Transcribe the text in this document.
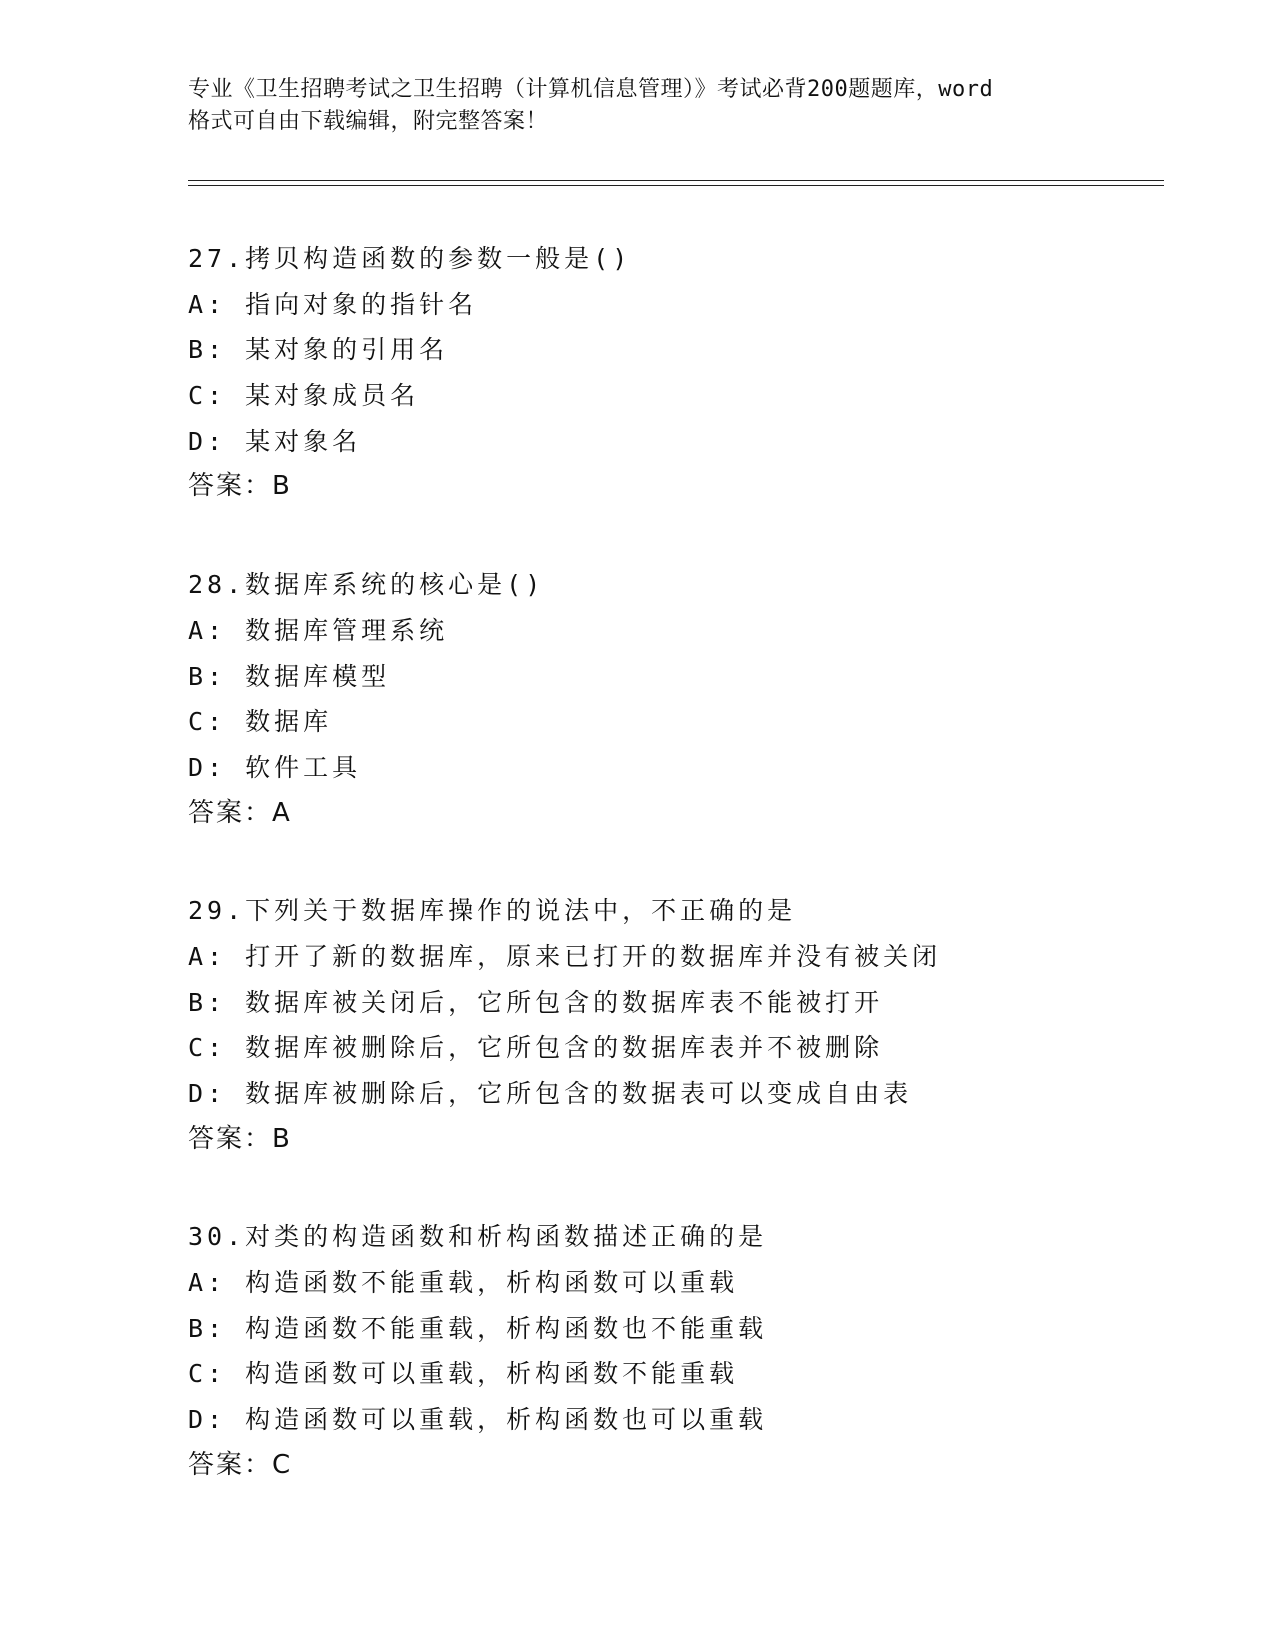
专业《卫生招聘考试之卫生招聘（计算机信息管理）》考试必背200题题库，word

格式可自由下载编辑，附完整答案！

27.拷贝构造函数的参数一般是()
A: 指向对象的指针名
B: 某对象的引用名
C: 某对象成员名
D: 某对象名
答案：B
28.数据库系统的核心是()
A: 数据库管理系统
B: 数据库模型
C: 数据库
D: 软件工具
答案：A
29.下列关于数据库操作的说法中，不正确的是
A: 打开了新的数据库，原来已打开的数据库并没有被关闭
B: 数据库被关闭后，它所包含的数据库表不能被打开
C: 数据库被删除后，它所包含的数据库表并不被删除
D: 数据库被删除后，它所包含的数据表可以变成自由表
答案：B
30.对类的构造函数和析构函数描述正确的是
A: 构造函数不能重载，析构函数可以重载
B: 构造函数不能重载，析构函数也不能重载
C: 构造函数可以重载，析构函数不能重载
D: 构造函数可以重载，析构函数也可以重载
答案：C
